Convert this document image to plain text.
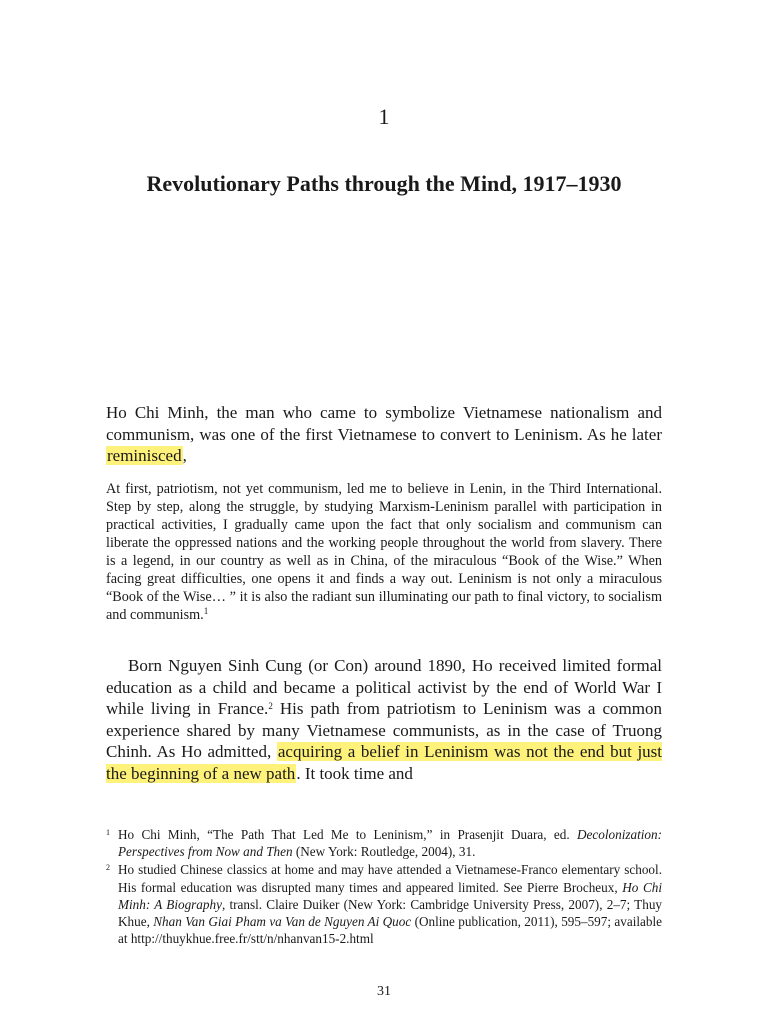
1
Revolutionary Paths through the Mind, 1917–1930

Ho Chi Minh, the man who came to symbolize Vietnamese nationalism and communism, was one of the first Vietnamese to convert to Leninism. As he later reminisced,

At first, patriotism, not yet communism, led me to believe in Lenin, in the Third International. Step by step, along the struggle, by studying Marxism-Leninism parallel with participation in practical activities, I gradually came upon the fact that only socialism and communism can liberate the oppressed nations and the working people throughout the world from slavery. There is a legend, in our country as well as in China, of the miraculous “Book of the Wise.” When facing great difficulties, one opens it and finds a way out. Leninism is not only a miraculous “Book of the Wise… ” it is also the radiant sun illuminating our path to final victory, to socialism and communism.$^1$

Born Nguyen Sinh Cung (or Con) around 1890, Ho received limited formal education as a child and became a political activist by the end of World War I while living in France.$^2$ His path from patriotism to Leninism was a common experience shared by many Vietnamese communists, as in the case of Truong Chinh. As Ho admitted, acquiring a belief in Leninism was not the end but just the beginning of a new path. It took time and

1 Ho Chi Minh, “The Path That Led Me to Leninism,” in Prasenjit Duara, ed. Decolonization: Perspectives from Now and Then (New York: Routledge, 2004), 31.
2 Ho studied Chinese classics at home and may have attended a Vietnamese-Franco elementary school. His formal education was disrupted many times and appeared limited. See Pierre Brocheux, Ho Chi Minh: A Biography, transl. Claire Duiker (New York: Cambridge University Press, 2007), 2–7; Thuy Khue, Nhan Van Giai Pham va Van de Nguyen Ai Quoc (Online publication, 2011), 595–597; available at http://thuykhue.free.fr/stt/n/nhanvan15-2.html
31
